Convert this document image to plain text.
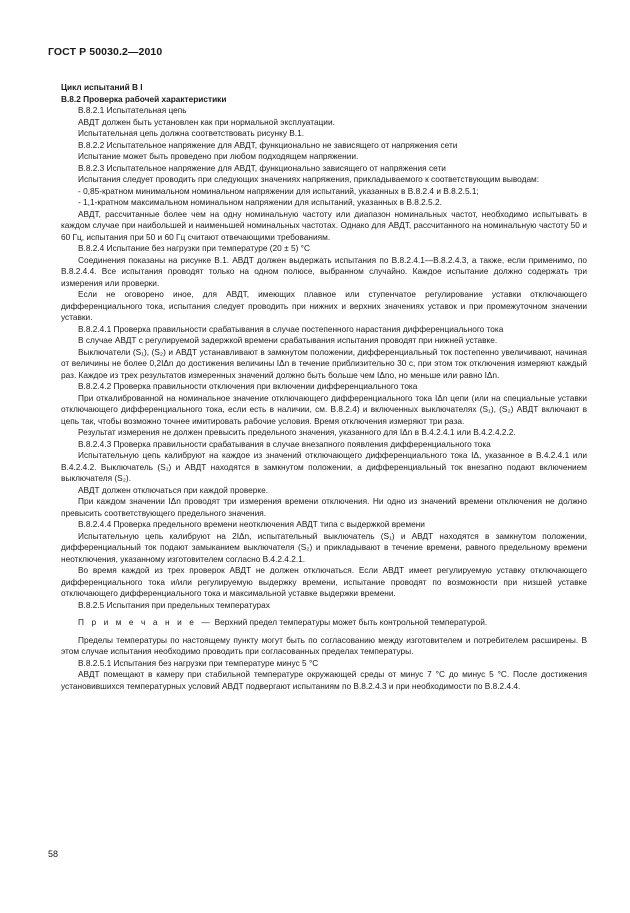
ГОСТ Р 50030.2—2010

Цикл испытаний В I

В.8.2 Проверка рабочей характеристики

В.8.2.1 Испытательная цепь

АВДТ должен быть установлен как при нормальной эксплуатации.

Испытательная цепь должна соответствовать рисунку В.1.

В.8.2.2 Испытательное напряжение для АВДТ, функционально не зависящего от напряжения сети

Испытание может быть проведено при любом подходящем напряжении.

В.8.2.3 Испытательное напряжение для АВДТ, функционально зависящего от напряжения сети

Испытания следует проводить при следующих значениях напряжения, прикладываемого к соответствующим выводам:

- 0,85-кратном минимальном номинальном напряжении для испытаний, указанных в В.8.2.4 и В.8.2.5.1;

- 1,1-кратном максимальном номинальном напряжении для испытаний, указанных в В.8.2.5.2.

АВДТ, рассчитанные более чем на одну номинальную частоту или диапазон номинальных частот, необходимо испытывать в каждом случае при наибольшей и наименьшей номинальных частотах. Однако для АВДТ, рассчитанного на номинальную частоту 50 и 60 Гц, испытания при 50 и 60 Гц считают отвечающими требованиям.

В.8.2.4 Испытание без нагрузки при температуре (20 ± 5) °С

Соединения показаны на рисунке В.1. АВДТ должен выдержать испытания по В.8.2.4.1—В.8.2.4.3, а также, если применимо, по В.8.2.4.4. Все испытания проводят только на одном полюсе, выбранном случайно. Каждое испытание должно содержать три измерения или проверки.

Если не оговорено иное, для АВДТ, имеющих плавное или ступенчатое регулирование уставки отключающего дифференциального тока, испытания следует проводить при нижних и верхних значениях уставок и при промежуточном значении уставки.

В.8.2.4.1 Проверка правильности срабатывания в случае постепенного нарастания дифференциального тока

В случае АВДТ с регулируемой задержкой времени срабатывания испытания проводят при нижней уставке.

Выключатели (S₁), (S₂) и АВДТ устанавливают в замкнутом положении, дифференциальный ток постепенно увеличивают, начиная от величины не более 0,2IΔn до достижения величины IΔn в течение приблизительно 30 с, при этом ток отключения измеряют каждый раз. Каждое из трех результатов измеренных значений должно быть больше чем IΔno, но меньше или равно IΔn.

В.8.2.4.2 Проверка правильности отключения при включении дифференциального тока

При откалиброванной на номинальное значение отключающего дифференциального тока IΔn цепи (или на специальные уставки отключающего дифференциального тока, если есть в наличии, см. В.8.2.4) и включенных выключателях (S₁), (S₂) АВДТ включают в цепь так, чтобы возможно точнее имитировать рабочие условия. Время отключения измеряют три раза.

Результат измерения не должен превысить предельного значения, указанного для IΔn в В.4.2.4.1 или В.4.2.4.2.2.

В.8.2.4.3 Проверка правильности срабатывания в случае внезапного появления дифференциального тока

Испытательную цепь калибруют на каждое из значений отключающего дифференциального тока IΔ, указанное в В.4.2.4.1 или В.4.2.4.2. Выключатель (S₁) и АВДТ находятся в замкнутом положении, а дифференциальный ток внезапно подают включением выключателя (S₂).

АВДТ должен отключаться при каждой проверке.

При каждом значении IΔn проводят три измерения времени отключения. Ни одно из значений времени отключения не должно превысить соответствующего предельного значения.

В.8.2.4.4 Проверка предельного времени неотключения АВДТ типа с выдержкой времени

Испытательную цепь калибруют на 2IΔn, испытательный выключатель (S₁) и АВДТ находятся в замкнутом положении, дифференциальный ток подают замыканием выключателя (S₂) и прикладывают в течение времени, равного предельному времени неотключения, указанному изготовителем согласно В.4.2.4.2.1.

Во время каждой из трех проверок АВДТ не должен отключаться. Если АВДТ имеет регулируемую уставку отключающего дифференциального тока и/или регулируемую выдержку времени, испытание проводят по возможности при низшей уставке отключающего дифференциального тока и максимальной уставке выдержки времени.

В.8.2.5 Испытания при предельных температурах

П р и м е ч а н и е — Верхний предел температуры может быть контрольной температурой.

Пределы температуры по настоящему пункту могут быть по согласованию между изготовителем и потребителем расширены. В этом случае испытания необходимо проводить при согласованных пределах температуры.

В.8.2.5.1 Испытания без нагрузки при температуре минус 5 °С

АВДТ помещают в камеру при стабильной температуре окружающей среды от минус 7 °С до минус 5 °С. После достижения установившихся температурных условий АВДТ подвергают испытаниям по В.8.2.4.3 и при необходимости по В.8.2.4.4.

58
